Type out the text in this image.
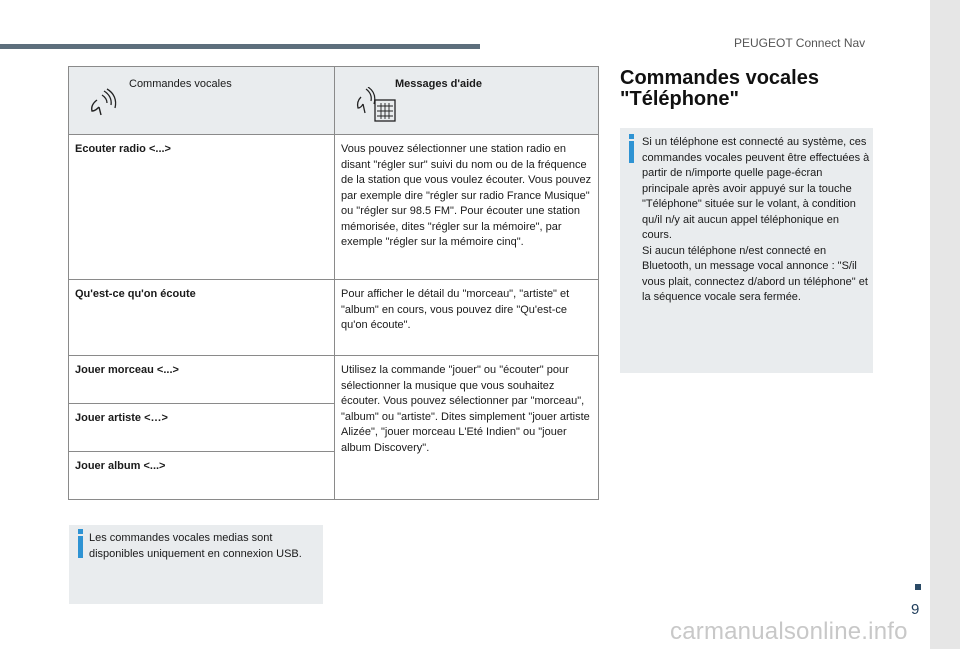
PEUGEOT Connect Nav
9
Commandes vocales	Messages d'aide

Ecouter radio <...>	Vous pouvez sélectionner une station radio en disant "régler sur" suivi du nom ou de la fréquence de la station que vous voulez écouter. Vous pouvez par exemple dire "régler sur radio France Musique" ou "régler sur 98.5 FM". Pour écouter une station mémorisée, dites "régler sur la mémoire", par exemple "régler sur la mémoire cinq".
Qu'est-ce qu'on écoute	Pour afficher le détail du "morceau", "artiste" et "album" en cours, vous pouvez dire "Qu'est-ce qu'on écoute".
Jouer morceau <...>	Utilisez la commande "jouer" ou "écouter" pour sélectionner la musique que vous souhaitez écouter. Vous pouvez sélectionner par "morceau", "album" ou "artiste". Dites simplement "jouer artiste Alizée", "jouer morceau L'Eté Indien" ou "jouer album Discovery".
Jouer artiste <…>	
Jouer album <...>	
Les commandes vocales medias sont disponibles uniquement en connexion USB.
Commandes vocales
"Téléphone"
Si un téléphone est connecté au système, ces commandes vocales peuvent être effectuées à partir de n/importe quelle page-écran principale après avoir appuyé sur la touche "Téléphone" située sur le volant, à condition qu/il n/y ait aucun appel téléphonique en cours.
Si aucun téléphone n/est connecté en Bluetooth, un message vocal annonce : "S/il vous plait, connectez d/abord un téléphone" et la séquence vocale sera fermée.
carmanualsonline.info
